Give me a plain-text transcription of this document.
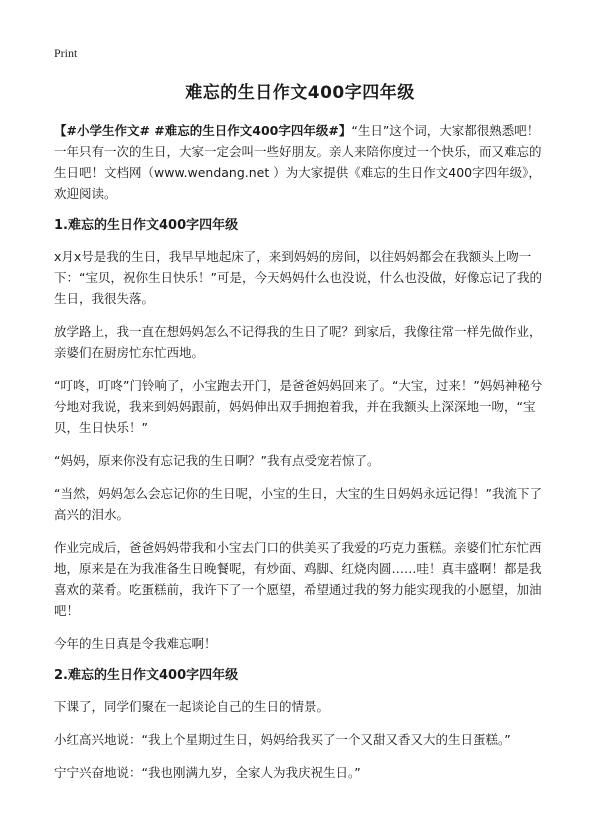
Print
难忘的生日作文400字四年级

【#小学生作文# #难忘的生日作文400字四年级#】“生日”这个词，大家都很熟悉吧！一年只有一次的生日，大家一定会叫一些好朋友。亲人来陪你度过一个快乐，而又难忘的生日吧！文档网（www.wendang.net ）为大家提供《难忘的生日作文400字四年级》，欢迎阅读。

1.难忘的生日作文400字四年级

x月x号是我的生日，我早早地起床了，来到妈妈的房间，以往妈妈都会在我额头上吻一下：“宝贝，祝你生日快乐！”可是，今天妈妈什么也没说，什么也没做，好像忘记了我的生日，我很失落。

放学路上，我一直在想妈妈怎么不记得我的生日了呢？到家后，我像往常一样先做作业，亲婆们在厨房忙东忙西地。

“叮咚，叮咚”门铃响了，小宝跑去开门，是爸爸妈妈回来了。“大宝，过来！”妈妈神秘兮兮地对我说，我来到妈妈跟前，妈妈伸出双手拥抱着我，并在我额头上深深地一吻，“宝贝，生日快乐！”

“妈妈，原来你没有忘记我的生日啊？”我有点受宠若惊了。

“当然，妈妈怎么会忘记你的生日呢，小宝的生日，大宝的生日妈妈永远记得！”我流下了高兴的泪水。

作业完成后，爸爸妈妈带我和小宝去门口的供美买了我爱的巧克力蛋糕。亲婆们忙东忙西地，原来是在为我准备生日晚餐呢，有炒面、鸡脚、红烧肉圆……哇！真丰盛啊！都是我喜欢的菜肴。吃蛋糕前，我许下了一个愿望，希望通过我的努力能实现我的小愿望，加油吧！

今年的生日真是令我难忘啊！

2.难忘的生日作文400字四年级

下课了，同学们聚在一起谈论自己的生日的情景。

小红高兴地说：“我上个星期过生日，妈妈给我买了一个又甜又香又大的生日蛋糕。”

宁宁兴奋地说：“我也刚满九岁，全家人为我庆祝生日。”
